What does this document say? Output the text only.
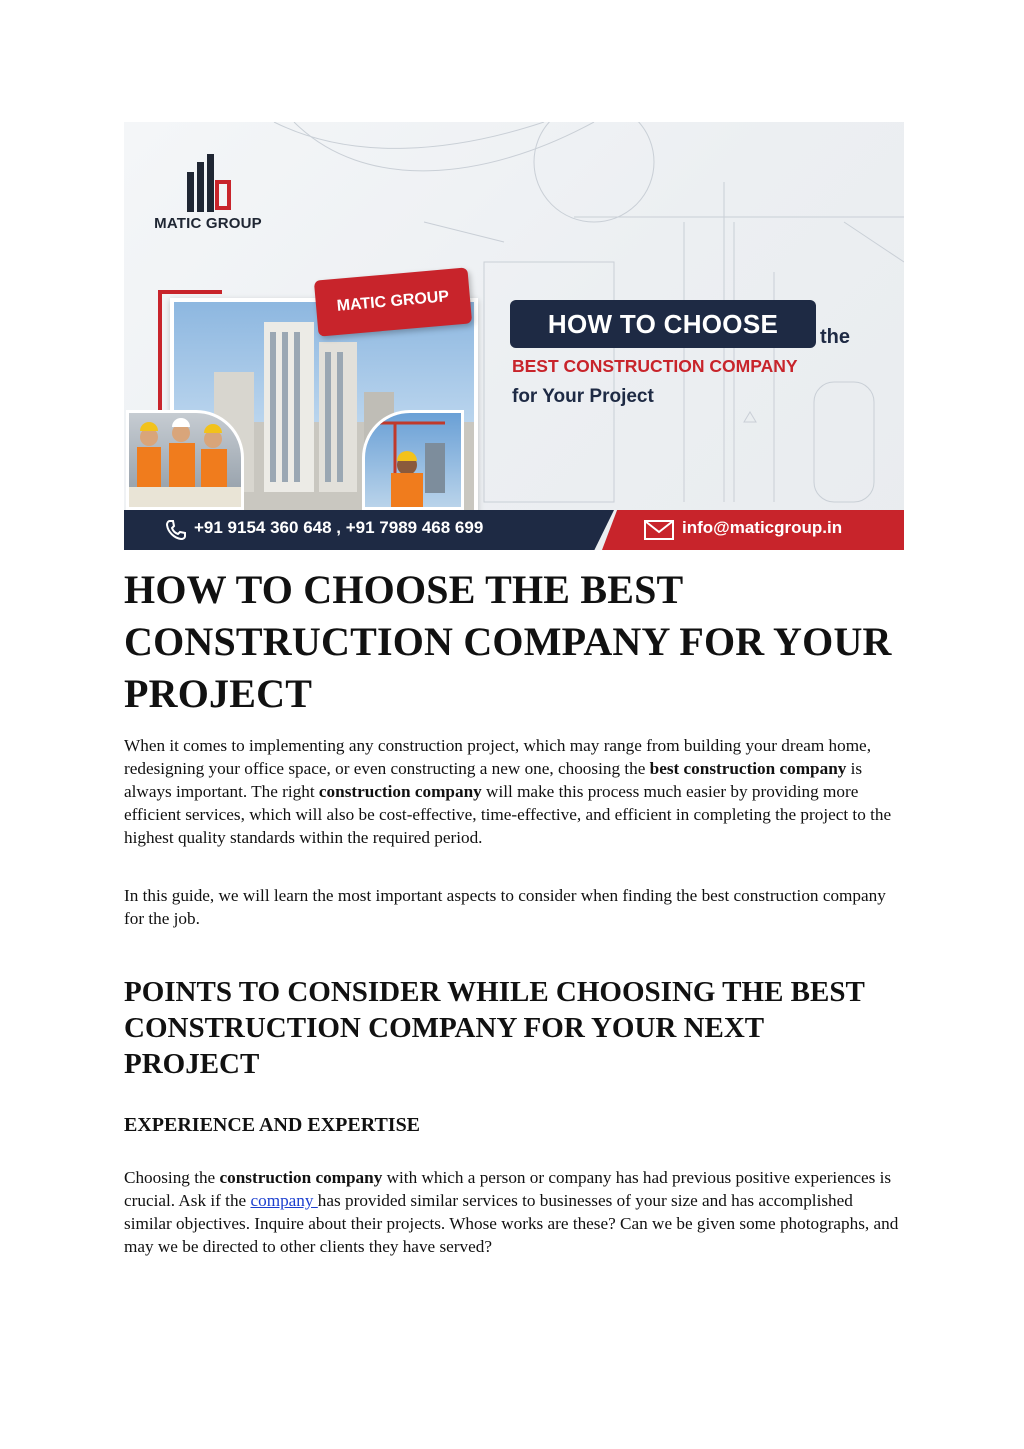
MATIC GROUP
MATIC GROUP
HOW TO CHOOSE the
BEST CONSTRUCTION COMPANY
for Your Project
+91 9154 360 648 , +91 7989 468 699	info@maticgroup.in
HOW TO CHOOSE THE BEST CONSTRUCTION COMPANY FOR YOUR PROJECT

When it comes to implementing any construction project, which may range from building your dream home, redesigning your office space, or even constructing a new one, choosing the best construction company is always important. The right construction company will make this process much easier by providing more efficient services, which will also be cost-effective, time-effective, and efficient in completing the project to the highest quality standards within the required period.

In this guide, we will learn the most important aspects to consider when finding the best construction company for the job.

POINTS TO CONSIDER WHILE CHOOSING THE BEST CONSTRUCTION COMPANY FOR YOUR NEXT PROJECT
EXPERIENCE AND EXPERTISE

Choosing the construction company with which a person or company has had previous positive experiences is crucial. Ask if the company has provided similar services to businesses of your size and has accomplished similar objectives. Inquire about their projects. Whose works are these? Can we be given some photographs, and may we be directed to other clients they have served?
